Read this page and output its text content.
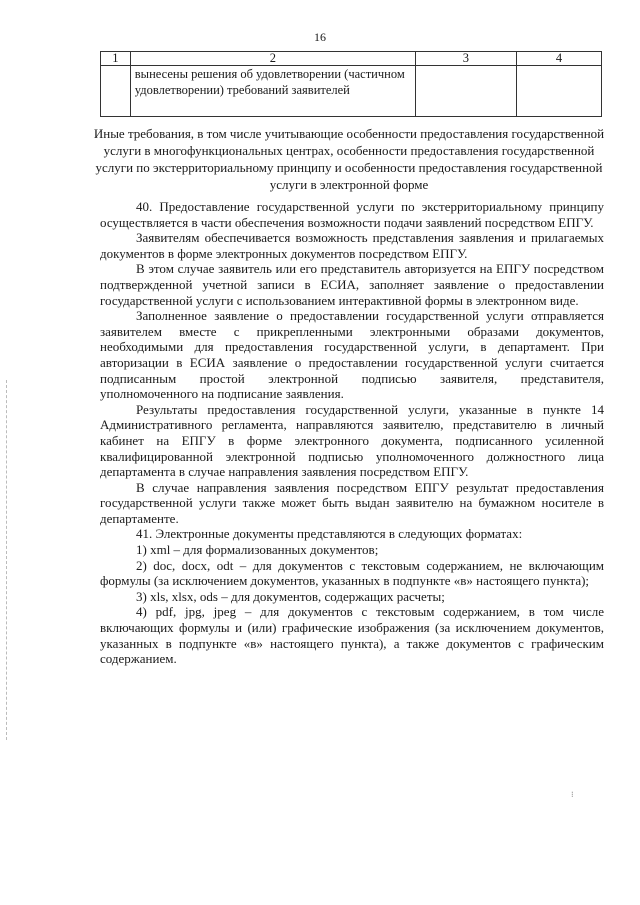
16
1	2	3	4
	вынесены решения об удовлетворении (частичном удовлетворении) требований заявителей		
Иные требования, в том числе учитывающие особенности предоставления государственной услуги в многофункциональных центрах, особенности предоставления государственной услуги по экстерриториальному принципу и особенности предоставления государственной услуги в электронной форме

40. Предоставление государственной услуги по экстерриториальному принципу осуществляется в части обеспечения возможности подачи заявлений посредством ЕПГУ.

Заявителям обеспечивается возможность представления заявления и прилагаемых документов в форме электронных документов посредством ЕПГУ.

В этом случае заявитель или его представитель авторизуется на ЕПГУ посредством подтвержденной учетной записи в ЕСИА, заполняет заявление о предоставлении государственной услуги с использованием интерактивной формы в электронном виде.

Заполненное заявление о предоставлении государственной услуги отправляется заявителем вместе с прикрепленными электронными образами документов, необходимыми для предоставления государственной услуги, в департамент. При авторизации в ЕСИА заявление о предоставлении государственной услуги считается подписанным простой электронной подписью заявителя, представителя, уполномоченного на подписание заявления.

Результаты предоставления государственной услуги, указанные в пункте 14 Административного регламента, направляются заявителю, представителю в личный кабинет на ЕПГУ в форме электронного документа, подписанного усиленной квалифицированной электронной подписью уполномоченного должностного лица департамента в случае направления заявления посредством ЕПГУ.

В случае направления заявления посредством ЕПГУ результат предоставления государственной услуги также может быть выдан заявителю на бумажном носителе в департаменте.

41. Электронные документы представляются в следующих форматах:

1) xml – для формализованных документов;

2) doc, docx, odt – для документов с текстовым содержанием, не включающим формулы (за исключением документов, указанных в подпункте «в» настоящего пункта);

3) xls, xlsx, ods – для документов, содержащих расчеты;

4) pdf, jpg, jpeg – для документов с текстовым содержанием, в том числе включающих формулы и (или) графические изображения (за исключением документов, указанных в подпункте «в» настоящего пункта), а также документов с графическим содержанием.

⁝
